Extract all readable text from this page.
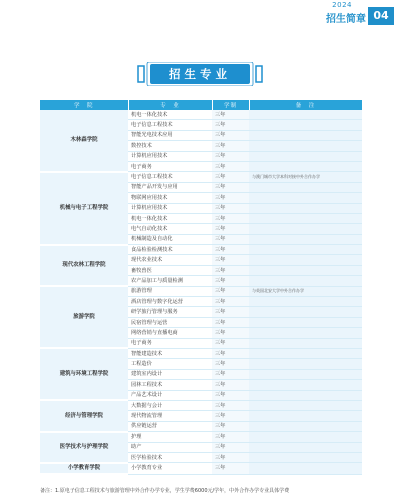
2024
招生简章 04
招生专业
学　院	专　业	学制	备　注
木林森学院	机电一体化技术	三年	
	电子信息工程技术	三年	
	智能光电技术应用	三年	
	数控技术	三年	
	计算机应用技术	三年	
	电子商务	三年	
机械与电子工程学院	电子信息工程技术	三年	与澳门城市大学本科对接中外合作办学
	智能产品开发与应用	三年	
	物联网应用技术	三年	
	计算机应用技术	三年	
	机电一体化技术	三年	
	电气自动化技术	三年	
	机械制造及自动化	三年	
现代农林工程学院	食品检验检测技术	三年	
	现代农业技术	三年	
	畜牧兽医	三年	
	农产品加工与质量检测	三年	
旅游学院	旅游管理	三年	与英国北安大学中外合作办学
	酒店管理与数字化运营	三年	
	研学旅行管理与服务	三年	
	民宿管理与运营	三年	
	网络营销与直播电商	三年	
	电子商务	三年	
建筑与环境工程学院	智能建造技术	三年	
	工程造价	三年	
	建筑室内设计	三年	
	园林工程技术	三年	
	产品艺术设计	三年	
经济与管理学院	大数据与会计	三年	
	现代物流管理	三年	
	供应链运营	三年	
医学技术与护理学院	护理	三年	
	助产	三年	
	医学检验技术	三年	
小学教育学院	小学教育专业	三年	
备注：1.原电子信息工程技术与旅游管理中外合作办学专业，学生学费6000元/学年，中外合作办学专业具体学费
